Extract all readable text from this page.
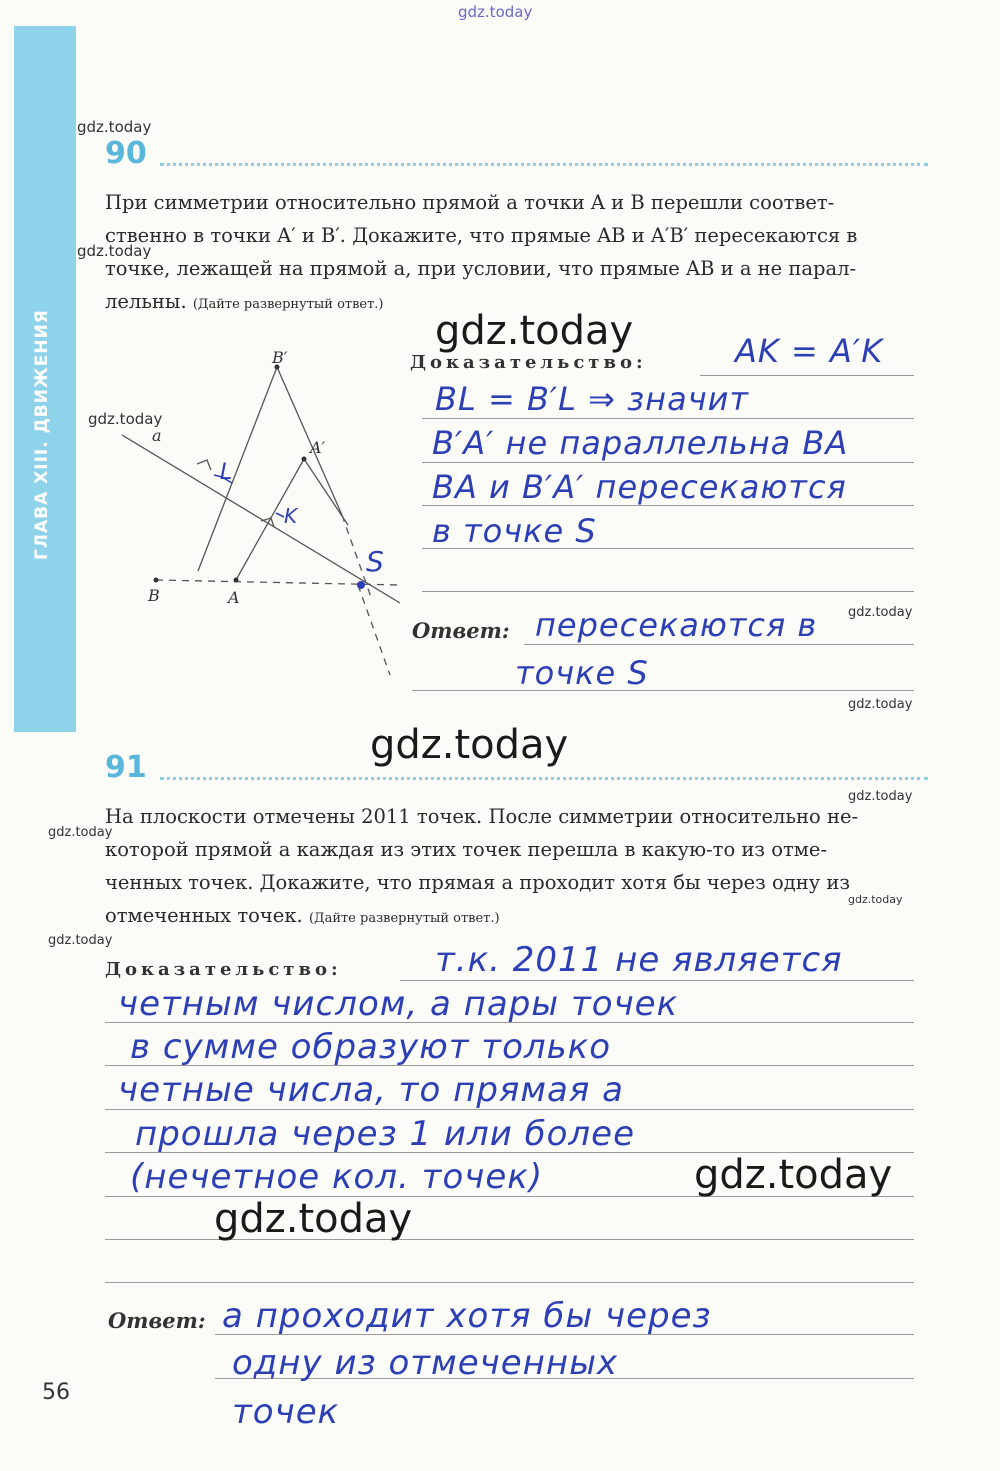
gdz.today
ГЛАВА XIII. ДВИЖЕНИЯ
gdz.today
90
При симметрии относительно прямой a точки A и B перешли соответ-
ственно в точки A′ и B′. Докажите, что прямые AB и A′B′ пересекаются в
точке, лежащей на прямой a, при условии, что прямые AB и a не парал-
лельны. (Дайте развернутый ответ.)
gdz.today
B′
A′
a
B	A
L
K
S
gdz.today
Доказательство:	AK = A′K
BL = B′L ⇒ значит
B′A′ не параллельна BA
BA и B′A′ пересекаются
в точке S
gdz.today
Ответ: пересекаются в
точке S
gdz.today
gdz.today
gdz.today
91
gdz.today
На плоскости отмечены 2011 точек. После симметрии относительно не-
которой прямой a каждая из этих точек перешла в какую-то из отме-
ченных точек. Докажите, что прямая a проходит хотя бы через одну из
отмеченных точек. (Дайте развернутый ответ.)
gdz.today
gdz.today
gdz.today
Доказательство:	т.к. 2011 не является
четным числом, а пары точек
в сумме образуют только
четные числа, то прямая а
прошла через 1 или более
(нечетное кол. точек)	gdz.today
gdz.today
Ответ: а проходит хотя бы через
одну из отмеченных
точек
56
